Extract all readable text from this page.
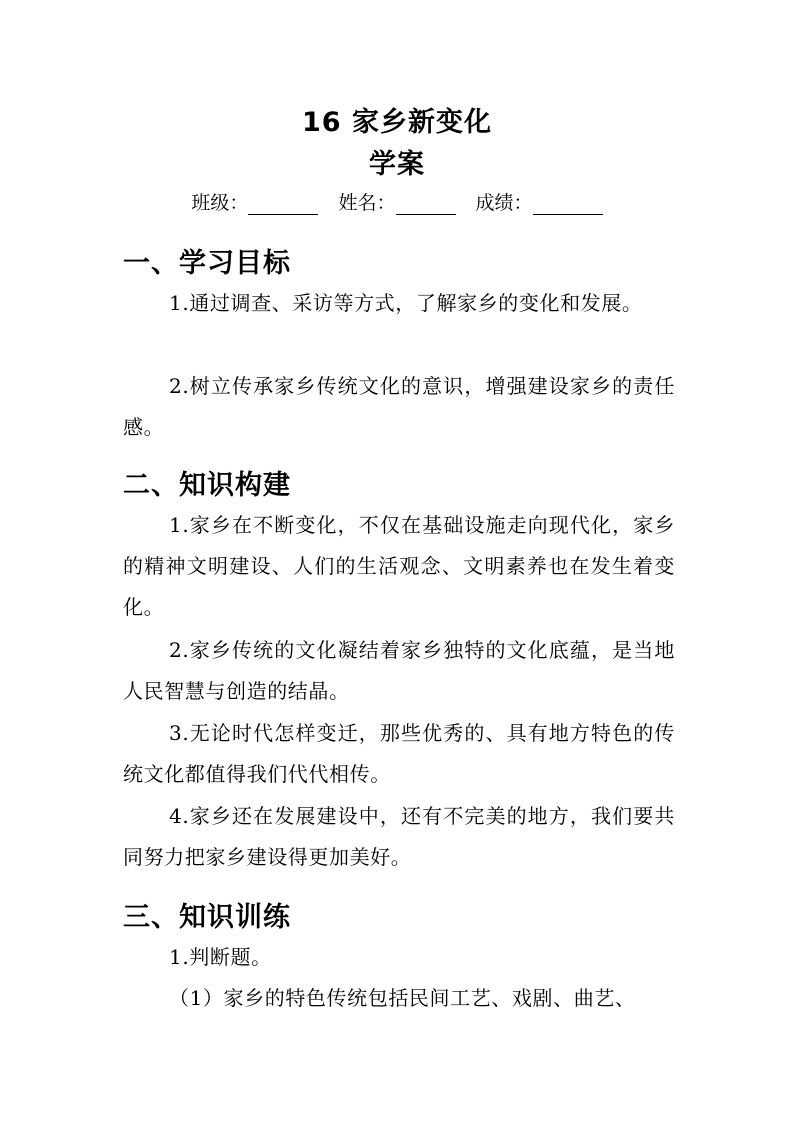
16 家乡新变化
学案
班级：	姓名：	成绩：
一、学习目标
1.通过调查、采访等方式，了解家乡的变化和发展。
2.树立传承家乡传统文化的意识，增强建设家乡的责任感。
二、知识构建
1.家乡在不断变化，不仅在基础设施走向现代化，家乡的精神文明建设、人们的生活观念、文明素养也在发生着变化。
2.家乡传统的文化凝结着家乡独特的文化底蕴，是当地人民智慧与创造的结晶。
3.无论时代怎样变迁，那些优秀的、具有地方特色的传统文化都值得我们代代相传。
4.家乡还在发展建设中，还有不完美的地方，我们要共同努力把家乡建设得更加美好。
三、知识训练
1.判断题。
（1）家乡的特色传统包括民间工艺、戏剧、曲艺、
